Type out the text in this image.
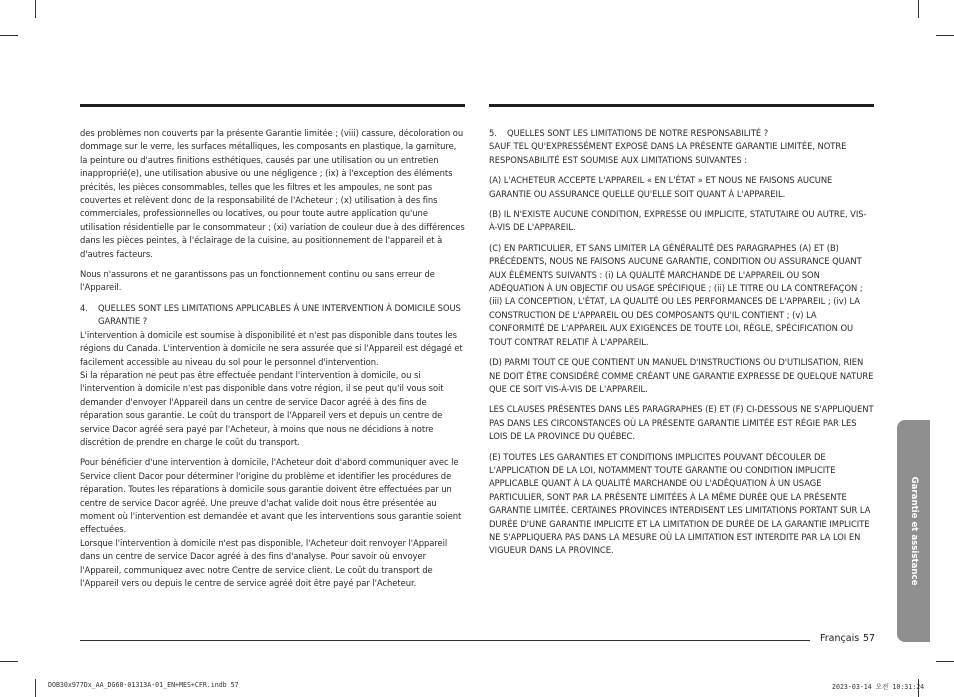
des problèmes non couverts par la présente Garantie limitée ; (viii) cassure, décoloration ou dommage sur le verre, les surfaces métalliques, les composants en plastique, la garniture, la peinture ou d'autres finitions esthétiques, causés par une utilisation ou un entretien inapproprié(e), une utilisation abusive ou une négligence ; (ix) à l'exception des éléments précités, les pièces consommables, telles que les filtres et les ampoules, ne sont pas couvertes et relèvent donc de la responsabilité de l'Acheteur ; (x) utilisation à des fins commerciales, professionnelles ou locatives, ou pour toute autre application qu'une utilisation résidentielle par le consommateur ; (xi) variation de couleur due à des différences dans les pièces peintes, à l'éclairage de la cuisine, au positionnement de l'appareil et à d'autres facteurs.

Nous n'assurons et ne garantissons pas un fonctionnement continu ou sans erreur de l'Appareil.

4.	QUELLES SONT LES LIMITATIONS APPLICABLES À UNE INTERVENTION À DOMICILE SOUS GARANTIE ?

L'intervention à domicile est soumise à disponibilité et n'est pas disponible dans toutes les régions du Canada. L'intervention à domicile ne sera assurée que si l'Appareil est dégagé et facilement accessible au niveau du sol pour le personnel d'intervention.

Si la réparation ne peut pas être effectuée pendant l'intervention à domicile, ou si l'intervention à domicile n'est pas disponible dans votre région, il se peut qu'il vous soit demander d'envoyer l'Appareil dans un centre de service Dacor agréé à des fins de réparation sous garantie. Le coût du transport de l'Appareil vers et depuis un centre de service Dacor agréé sera payé par l'Acheteur, à moins que nous ne décidions à notre discrétion de prendre en charge le coût du transport.

Pour bénéficier d'une intervention à domicile, l'Acheteur doit d'abord communiquer avec le Service client Dacor pour déterminer l'origine du problème et identifier les procédures de réparation. Toutes les réparations à domicile sous garantie doivent être effectuées par un centre de service Dacor agréé. Une preuve d'achat valide doit nous être présentée au moment où l'intervention est demandée et avant que les interventions sous garantie soient effectuées.

Lorsque l'intervention à domicile n'est pas disponible, l'Acheteur doit renvoyer l'Appareil dans un centre de service Dacor agréé à des fins d'analyse. Pour savoir où envoyer l'Appareil, communiquez avec notre Centre de service client. Le coût du transport de l'Appareil vers ou depuis le centre de service agréé doit être payé par l'Acheteur.

5.	QUELLES SONT LES LIMITATIONS DE NOTRE RESPONSABILITÉ ?

SAUF TEL QU'EXPRESSÉMENT EXPOSÉ DANS LA PRÉSENTE GARANTIE LIMITÉE, NOTRE RESPONSABILITÉ EST SOUMISE AUX LIMITATIONS SUIVANTES :

(A) L'ACHETEUR ACCEPTE L'APPAREIL « EN L'ÉTAT » ET NOUS NE FAISONS AUCUNE GARANTIE OU ASSURANCE QUELLE QU'ELLE SOIT QUANT À L'APPAREIL.

(B) IL N'EXISTE AUCUNE CONDITION, EXPRESSE OU IMPLICITE, STATUTAIRE OU AUTRE, VIS-À-VIS DE L'APPAREIL.

(C) EN PARTICULIER, ET SANS LIMITER LA GÉNÉRALITÉ DES PARAGRAPHES (A) ET (B) PRÉCÉDENTS, NOUS NE FAISONS AUCUNE GARANTIE, CONDITION OU ASSURANCE QUANT AUX ÉLÉMENTS SUIVANTS : (i) LA QUALITÉ MARCHANDE DE L'APPAREIL OU SON ADÉQUATION À UN OBJECTIF OU USAGE SPÉCIFIQUE ; (ii) LE TITRE OU LA CONTREFAÇON ; (iii) LA CONCEPTION, L'ÉTAT, LA QUALITÉ OU LES PERFORMANCES DE L'APPAREIL ; (iv) LA CONSTRUCTION DE L'APPAREIL OU DES COMPOSANTS QU'IL CONTIENT ; (v) LA CONFORMITÉ DE L'APPAREIL AUX EXIGENCES DE TOUTE LOI, RÈGLE, SPÉCIFICATION OU TOUT CONTRAT RELATIF À L'APPAREIL.

(D) PARMI TOUT CE QUE CONTIENT UN MANUEL D'INSTRUCTIONS OU D'UTILISATION, RIEN NE DOIT ÊTRE CONSIDÉRÉ COMME CRÉANT UNE GARANTIE EXPRESSE DE QUELQUE NATURE QUE CE SOIT VIS-À-VIS DE L'APPAREIL.

LES CLAUSES PRÉSENTES DANS LES PARAGRAPHES (E) ET (F) CI-DESSOUS NE S'APPLIQUENT PAS DANS LES CIRCONSTANCES OÙ LA PRÉSENTE GARANTIE LIMITÉE EST RÉGIE PAR LES LOIS DE LA PROVINCE DU QUÉBEC.

(E) TOUTES LES GARANTIES ET CONDITIONS IMPLICITES POUVANT DÉCOULER DE L'APPLICATION DE LA LOI, NOTAMMENT TOUTE GARANTIE OU CONDITION IMPLICITE APPLICABLE QUANT À LA QUALITÉ MARCHANDE OU L'ADÉQUATION À UN USAGE PARTICULIER, SONT PAR LA PRÉSENTE LIMITÉES À LA MÊME DURÉE QUE LA PRÉSENTE GARANTIE LIMITÉE. CERTAINES PROVINCES INTERDISENT LES LIMITATIONS PORTANT SUR LA DURÉE D'UNE GARANTIE IMPLICITE ET LA LIMITATION DE DURÉE DE LA GARANTIE IMPLICITE NE S'APPLIQUERA PAS DANS LA MESURE OÙ LA LIMITATION EST INTERDITE PAR LA LOI EN VIGUEUR DANS LA PROVINCE.	Garantie et assistance
Français 57
DOB30x977Dx_AA_DG68-01313A-01_EN+MES+CFR.indb 57	2023-03-14 오전 10:31:24
